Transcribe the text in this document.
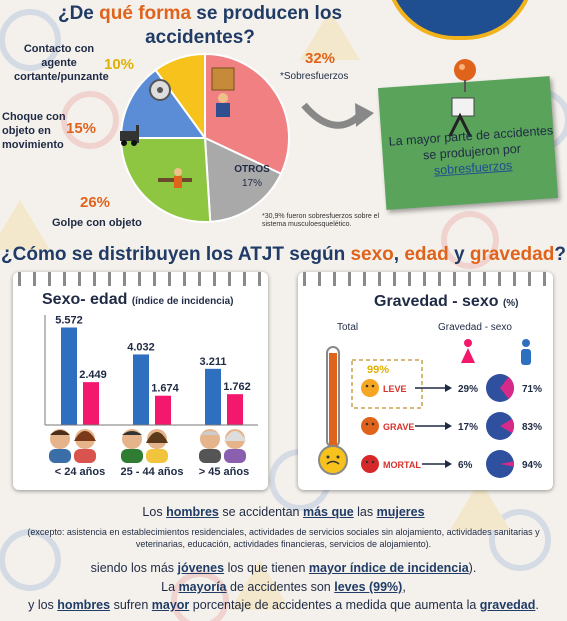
¿De qué forma se producen los accidentes?
Contacto con agente cortante/punzante
10%
Choque con objeto en movimiento
15%
26%
Golpe con objeto
32%
*Sobresfuerzos
OTROS
17%
*30,9% fueron sobresfuerzos sobre el sistema musculoesquelético.
La mayor parte de accidentes se produjeron por sobresfuerzos
¿Cómo se distribuyen los ATJT según sexo, edad y gravedad?
Sexo- edad (índice de incidencia)
5.572
2.449
< 24 años
4.032
1.674
25 - 44 años
3.211
1.762
> 45 años
Gravedad - sexo (%)
Total	Gravedad - sexo
99%
LEVE	29%	71%
GRAVE	17%	83%
MORTAL	6%	94%
Los hombres se accidentan más que las mujeres
(excepto: asistencia en establecimientos residenciales, actividades de servicios sociales sin alojamiento, actividades sanitarias y veterinarias, educación, actividades financieras, servicios de alojamiento).
siendo los más jóvenes los que tienen mayor índice de incidencia).
La mayoría de accidentes son leves (99%),
y los hombres sufren mayor porcentaje de accidentes a medida que aumenta la gravedad.
